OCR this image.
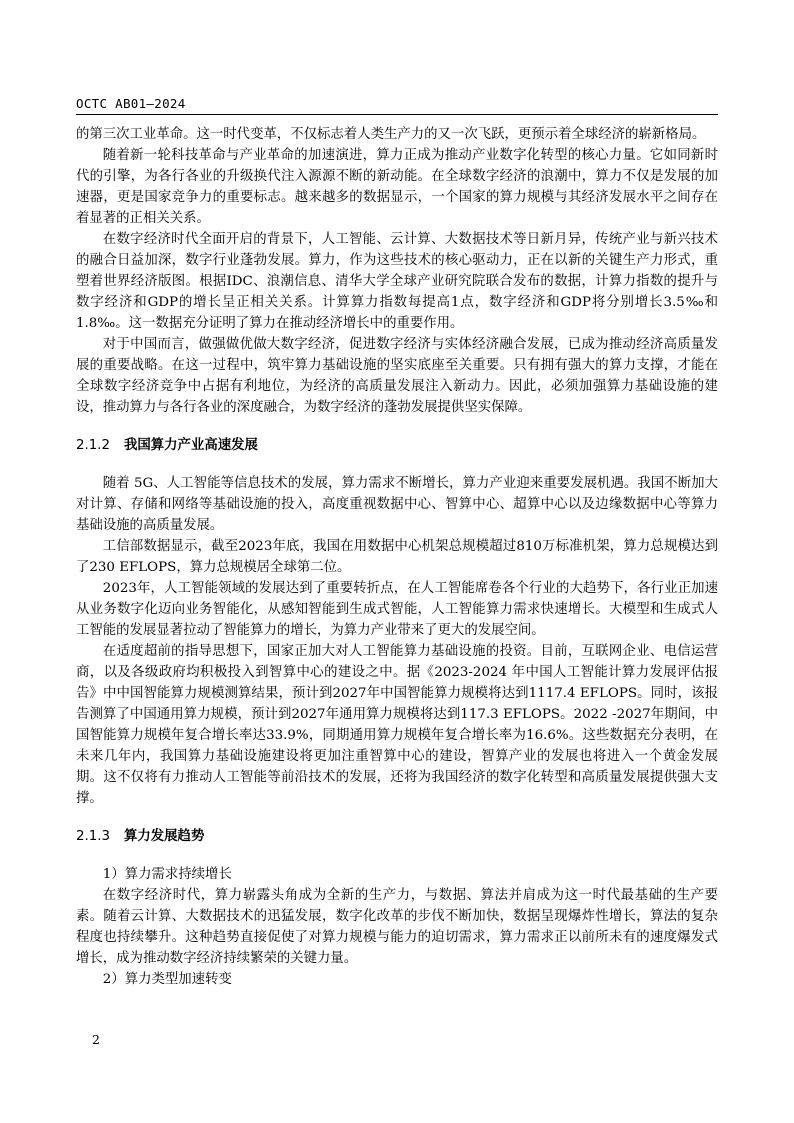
OCTC AB01—2024

的第三次工业革命。这一时代变革，不仅标志着人类生产力的又一次飞跃，更预示着全球经济的崭新格局。

随着新一轮科技革命与产业革命的加速演进，算力正成为推动产业数字化转型的核心力量。它如同新时代的引擎，为各行各业的升级换代注入源源不断的新动能。在全球数字经济的浪潮中，算力不仅是发展的加速器，更是国家竞争力的重要标志。越来越多的数据显示，一个国家的算力规模与其经济发展水平之间存在着显著的正相关关系。

在数字经济时代全面开启的背景下，人工智能、云计算、大数据技术等日新月异，传统产业与新兴技术的融合日益加深，数字行业蓬勃发展。算力，作为这些技术的核心驱动力，正在以新的关键生产力形式，重塑着世界经济版图。根据IDC、浪潮信息、清华大学全球产业研究院联合发布的数据，计算力指数的提升与数字经济和GDP的增长呈正相关关系。计算算力指数每提高1点，数字经济和GDP将分别增长3.5‰和1.8‰。这一数据充分证明了算力在推动经济增长中的重要作用。

对于中国而言，做强做优做大数字经济，促进数字经济与实体经济融合发展，已成为推动经济高质量发展的重要战略。在这一过程中，筑牢算力基础设施的坚实底座至关重要。只有拥有强大的算力支撑，才能在全球数字经济竞争中占据有利地位，为经济的高质量发展注入新动力。因此，必须加强算力基础设施的建设，推动算力与各行各业的深度融合，为数字经济的蓬勃发展提供坚实保障。

2.1.2 我国算力产业高速发展

随着 5G、人工智能等信息技术的发展，算力需求不断增长，算力产业迎来重要发展机遇。我国不断加大对计算、存储和网络等基础设施的投入，高度重视数据中心、智算中心、超算中心以及边缘数据中心等算力基础设施的高质量发展。

工信部数据显示，截至2023年底，我国在用数据中心机架总规模超过810万标准机架，算力总规模达到了230 EFLOPS，算力总规模居全球第二位。

2023年，人工智能领域的发展达到了重要转折点，在人工智能席卷各个行业的大趋势下，各行业正加速从业务数字化迈向业务智能化，从感知智能到生成式智能，人工智能算力需求快速增长。大模型和生成式人工智能的发展显著拉动了智能算力的增长，为算力产业带来了更大的发展空间。

在适度超前的指导思想下，国家正加大对人工智能算力基础设施的投资。目前，互联网企业、电信运营商，以及各级政府均积极投入到智算中心的建设之中。据《2023-2024 年中国人工智能计算力发展评估报告》中中国智能算力规模测算结果，预计到2027年中国智能算力规模将达到1117.4 EFLOPS。同时，该报告测算了中国通用算力规模，预计到2027年通用算力规模将达到117.3 EFLOPS。2022 -2027年期间，中国智能算力规模年复合增长率达33.9%，同期通用算力规模年复合增长率为16.6%。这些数据充分表明，在未来几年内，我国算力基础设施建设将更加注重智算中心的建设，智算产业的发展也将进入一个黄金发展期。这不仅将有力推动人工智能等前沿技术的发展，还将为我国经济的数字化转型和高质量发展提供强大支撑。

2.1.3 算力发展趋势

1）算力需求持续增长

在数字经济时代，算力崭露头角成为全新的生产力，与数据、算法并肩成为这一时代最基础的生产要素。随着云计算、大数据技术的迅猛发展，数字化改革的步伐不断加快，数据呈现爆炸性增长，算法的复杂程度也持续攀升。这种趋势直接促使了对算力规模与能力的迫切需求，算力需求正以前所未有的速度爆发式增长，成为推动数字经济持续繁荣的关键力量。

2）算力类型加速转变

2
